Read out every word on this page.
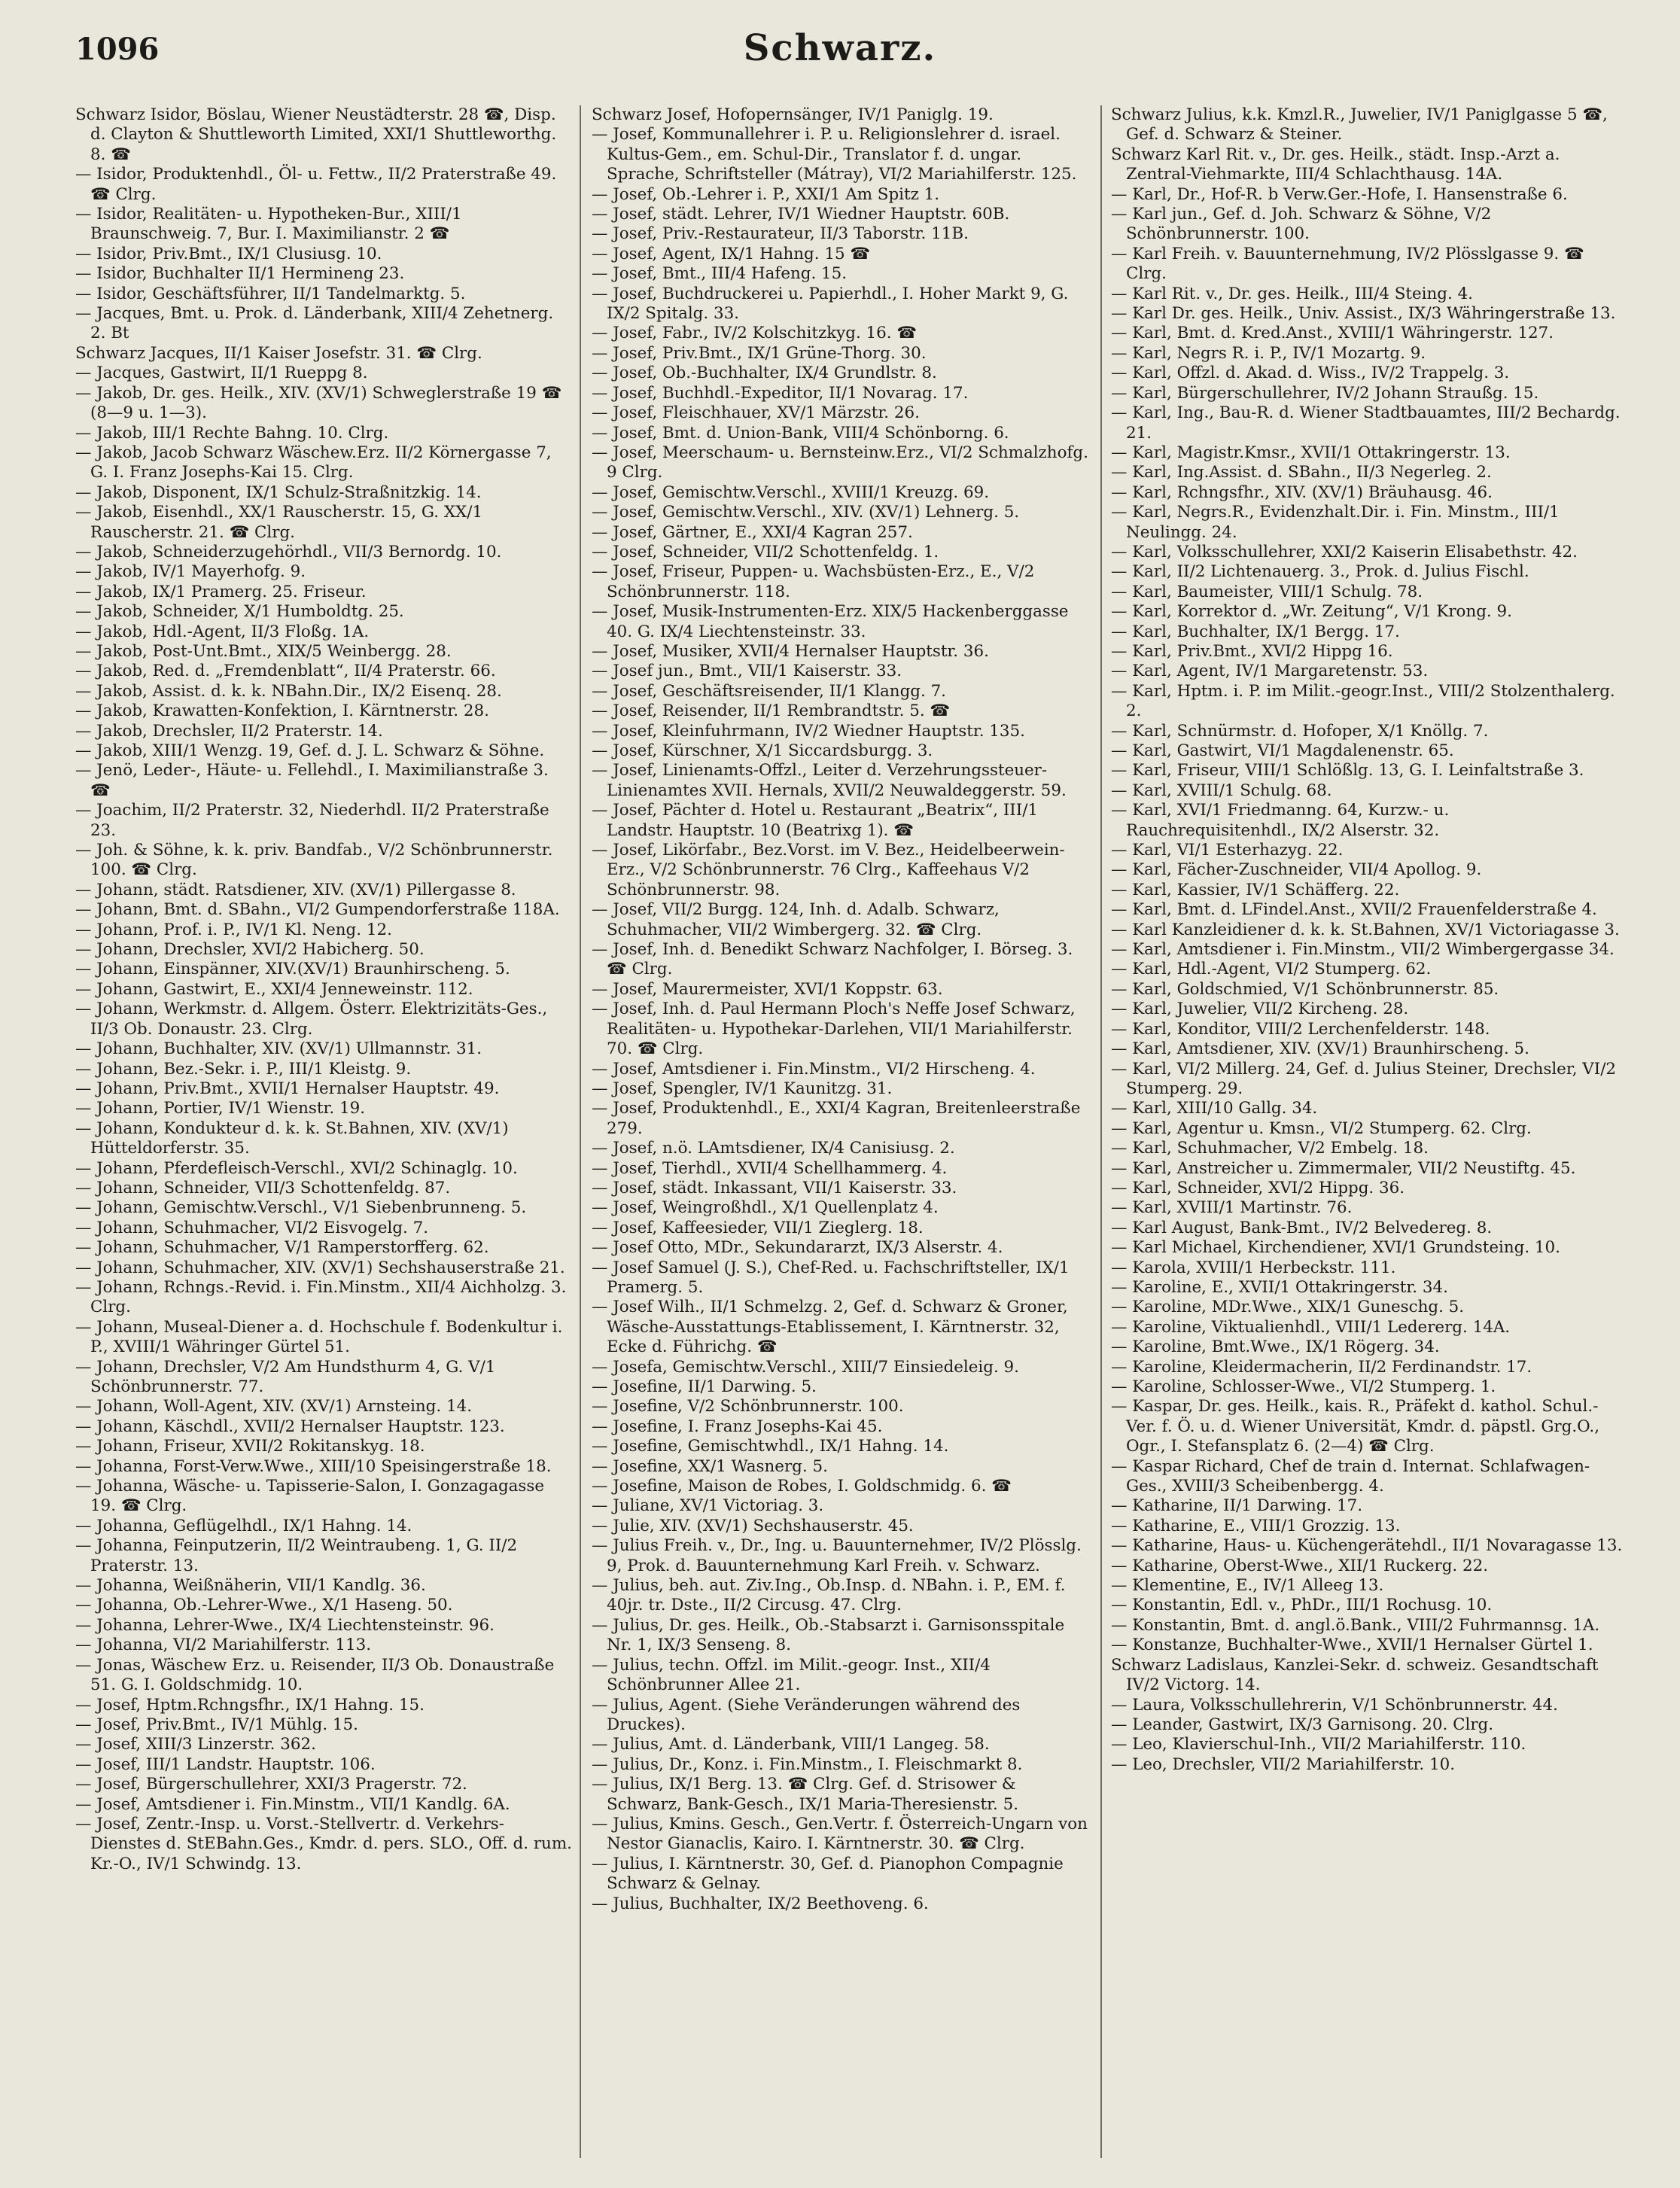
1096	Schwarz.
Schwarz Isidor, Böslau, Wiener Neustädterstr. 28 ☎, Disp. d. Clayton & Shuttleworth Limited, XXI/1 Shuttleworthg. 8. ☎
— Isidor, Produktenhdl., Öl- u. Fettw., II/2 Praterstraße 49. ☎ Clrg.
— Isidor, Realitäten- u. Hypotheken-Bur., XIII/1 Braunschweig. 7, Bur. I. Maximilianstr. 2 ☎
— Isidor, Priv.Bmt., IX/1 Clusiusg. 10.
— Isidor, Buchhalter II/1 Hermineng 23.
— Isidor, Geschäftsführer, II/1 Tandelmarktg. 5.
— Jacques, Bmt. u. Prok. d. Länderbank, XIII/4 Zehetnerg. 2. Bt
Schwarz Jacques, II/1 Kaiser Josefstr. 31. ☎ Clrg.
— Jacques, Gastwirt, II/1 Rueppg 8.
— Jakob, Dr. ges. Heilk., XIV. (XV/1) Schweglerstraße 19 ☎ (8—9 u. 1—3).
— Jakob, III/1 Rechte Bahng. 10. Clrg.
— Jakob, Jacob Schwarz Wäschew.Erz. II/2 Körnergasse 7, G. I. Franz Josephs-Kai 15. Clrg.
— Jakob, Disponent, IX/1 Schulz-Straßnitzkig. 14.
— Jakob, Eisenhdl., XX/1 Rauscherstr. 15, G. XX/1 Rauscherstr. 21. ☎ Clrg.
— Jakob, Schneiderzugehörhdl., VII/3 Bernordg. 10.
— Jakob, IV/1 Mayerhofg. 9.
— Jakob, IX/1 Pramerg. 25. Friseur.
— Jakob, Schneider, X/1 Humboldtg. 25.
— Jakob, Hdl.-Agent, II/3 Floßg. 1A.
— Jakob, Post-Unt.Bmt., XIX/5 Weinbergg. 28.
— Jakob, Red. d. „Fremdenblatt“, II/4 Praterstr. 66.
— Jakob, Assist. d. k. k. NBahn.Dir., IX/2 Eisenq. 28.
— Jakob, Krawatten-Konfektion, I. Kärntnerstr. 28.
— Jakob, Drechsler, II/2 Praterstr. 14.
— Jakob, XIII/1 Wenzg. 19, Gef. d. J. L. Schwarz & Söhne.
— Jenö, Leder-, Häute- u. Fellehdl., I. Maximilianstraße 3. ☎
— Joachim, II/2 Praterstr. 32, Niederhdl. II/2 Praterstraße 23.
— Joh. & Söhne, k. k. priv. Bandfab., V/2 Schönbrunnerstr. 100. ☎ Clrg.
— Johann, städt. Ratsdiener, XIV. (XV/1) Pillergasse 8.
— Johann, Bmt. d. SBahn., VI/2 Gumpendorferstraße 118A.
— Johann, Prof. i. P., IV/1 Kl. Neng. 12.
— Johann, Drechsler, XVI/2 Habicherg. 50.
— Johann, Einspänner, XIV.(XV/1) Braunhirscheng. 5.
— Johann, Gastwirt, E., XXI/4 Jenneweinstr. 112.
— Johann, Werkmstr. d. Allgem. Österr. Elektrizitäts-Ges., II/3 Ob. Donaustr. 23. Clrg.
— Johann, Buchhalter, XIV. (XV/1) Ullmannstr. 31.
— Johann, Bez.-Sekr. i. P., III/1 Kleistg. 9.
— Johann, Priv.Bmt., XVII/1 Hernalser Hauptstr. 49.
— Johann, Portier, IV/1 Wienstr. 19.
— Johann, Kondukteur d. k. k. St.Bahnen, XIV. (XV/1) Hütteldorferstr. 35.
— Johann, Pferdefleisch-Verschl., XVI/2 Schinaglg. 10.
— Johann, Schneider, VII/3 Schottenfeldg. 87.
— Johann, Gemischtw.Verschl., V/1 Siebenbrunneng. 5.
— Johann, Schuhmacher, VI/2 Eisvogelg. 7.
— Johann, Schuhmacher, V/1 Ramperstorfferg. 62.
— Johann, Schuhmacher, XIV. (XV/1) Sechshauserstraße 21.
— Johann, Rchngs.-Revid. i. Fin.Minstm., XII/4 Aichholzg. 3. Clrg.
— Johann, Museal-Diener a. d. Hochschule f. Bodenkultur i. P., XVIII/1 Währinger Gürtel 51.
— Johann, Drechsler, V/2 Am Hundsthurm 4, G. V/1 Schönbrunnerstr. 77.
— Johann, Woll-Agent, XIV. (XV/1) Arnsteing. 14.
— Johann, Käschdl., XVII/2 Hernalser Hauptstr. 123.
— Johann, Friseur, XVII/2 Rokitanskyg. 18.
— Johanna, Forst-Verw.Wwe., XIII/10 Speisingerstraße 18.
— Johanna, Wäsche- u. Tapisserie-Salon, I. Gonzagagasse 19. ☎ Clrg.
— Johanna, Geflügelhdl., IX/1 Hahng. 14.
— Johanna, Feinputzerin, II/2 Weintraubeng. 1, G. II/2 Praterstr. 13.
— Johanna, Weißnäherin, VII/1 Kandlg. 36.
— Johanna, Ob.-Lehrer-Wwe., X/1 Haseng. 50.
— Johanna, Lehrer-Wwe., IX/4 Liechtensteinstr. 96.
— Johanna, VI/2 Mariahilferstr. 113.
— Jonas, Wäschew Erz. u. Reisender, II/3 Ob. Donaustraße 51. G. I. Goldschmidg. 10.
— Josef, Hptm.Rchngsfhr., IX/1 Hahng. 15.
— Josef, Priv.Bmt., IV/1 Mühlg. 15.
— Josef, XIII/3 Linzerstr. 362.
— Josef, III/1 Landstr. Hauptstr. 106.
— Josef, Bürgerschullehrer, XXI/3 Pragerstr. 72.
— Josef, Amtsdiener i. Fin.Minstm., VII/1 Kandlg. 6A.
— Josef, Zentr.-Insp. u. Vorst.-Stellvertr. d. Verkehrs-Dienstes d. StEBahn.Ges., Kmdr. d. pers. SLO., Off. d. rum. Kr.-O., IV/1 Schwindg. 13.
Schwarz Josef, Hofopernsänger, IV/1 Paniglg. 19.
— Josef, Kommunallehrer i. P. u. Religionslehrer d. israel. Kultus-Gem., em. Schul-Dir., Translator f. d. ungar. Sprache, Schriftsteller (Mátray), VI/2 Mariahilferstr. 125.
— Josef, Ob.-Lehrer i. P., XXI/1 Am Spitz 1.
— Josef, städt. Lehrer, IV/1 Wiedner Hauptstr. 60B.
— Josef, Priv.-Restaurateur, II/3 Taborstr. 11B.
— Josef, Agent, IX/1 Hahng. 15 ☎
— Josef, Bmt., III/4 Hafeng. 15.
— Josef, Buchdruckerei u. Papierhdl., I. Hoher Markt 9, G. IX/2 Spitalg. 33.
— Josef, Fabr., IV/2 Kolschitzkyg. 16. ☎
— Josef, Priv.Bmt., IX/1 Grüne-Thorg. 30.
— Josef, Ob.-Buchhalter, IX/4 Grundlstr. 8.
— Josef, Buchhdl.-Expeditor, II/1 Novarag. 17.
— Josef, Fleischhauer, XV/1 Märzstr. 26.
— Josef, Bmt. d. Union-Bank, VIII/4 Schönborng. 6.
— Josef, Meerschaum- u. Bernsteinw.Erz., VI/2 Schmalzhofg. 9 Clrg.
— Josef, Gemischtw.Verschl., XVIII/1 Kreuzg. 69.
— Josef, Gemischtw.Verschl., XIV. (XV/1) Lehnerg. 5.
— Josef, Gärtner, E., XXI/4 Kagran 257.
— Josef, Schneider, VII/2 Schottenfeldg. 1.
— Josef, Friseur, Puppen- u. Wachsbüsten-Erz., E., V/2 Schönbrunnerstr. 118.
— Josef, Musik-Instrumenten-Erz. XIX/5 Hackenberggasse 40. G. IX/4 Liechtensteinstr. 33.
— Josef, Musiker, XVII/4 Hernalser Hauptstr. 36.
— Josef jun., Bmt., VII/1 Kaiserstr. 33.
— Josef, Geschäftsreisender, II/1 Klangg. 7.
— Josef, Reisender, II/1 Rembrandtstr. 5. ☎
— Josef, Kleinfuhrmann, IV/2 Wiedner Hauptstr. 135.
— Josef, Kürschner, X/1 Siccardsburgg. 3.
— Josef, Linienamts-Offzl., Leiter d. Verzehrungssteuer-Linienamtes XVII. Hernals, XVII/2 Neuwaldeggerstr. 59.
— Josef, Pächter d. Hotel u. Restaurant „Beatrix“, III/1 Landstr. Hauptstr. 10 (Beatrixg 1). ☎
— Josef, Likörfabr., Bez.Vorst. im V. Bez., Heidelbeerwein-Erz., V/2 Schönbrunnerstr. 76 Clrg., Kaffeehaus V/2 Schönbrunnerstr. 98.
— Josef, VII/2 Burgg. 124, Inh. d. Adalb. Schwarz, Schuhmacher, VII/2 Wimbergerg. 32. ☎ Clrg.
— Josef, Inh. d. Benedikt Schwarz Nachfolger, I. Börseg. 3. ☎ Clrg.
— Josef, Maurermeister, XVI/1 Koppstr. 63.
— Josef, Inh. d. Paul Hermann Ploch's Neffe Josef Schwarz, Realitäten- u. Hypothekar-Darlehen, VII/1 Mariahilferstr. 70. ☎ Clrg.
— Josef, Amtsdiener i. Fin.Minstm., VI/2 Hirscheng. 4.
— Josef, Spengler, IV/1 Kaunitzg. 31.
— Josef, Produktenhdl., E., XXI/4 Kagran, Breitenleerstraße 279.
— Josef, n.ö. LAmtsdiener, IX/4 Canisiusg. 2.
— Josef, Tierhdl., XVII/4 Schellhammerg. 4.
— Josef, städt. Inkassant, VII/1 Kaiserstr. 33.
— Josef, Weingroßhdl., X/1 Quellenplatz 4.
— Josef, Kaffeesieder, VII/1 Zieglerg. 18.
— Josef Otto, MDr., Sekundararzt, IX/3 Alserstr. 4.
— Josef Samuel (J. S.), Chef-Red. u. Fachschriftsteller, IX/1 Pramerg. 5.
— Josef Wilh., II/1 Schmelzg. 2, Gef. d. Schwarz & Groner, Wäsche-Ausstattungs-Etablissement, I. Kärntnerstr. 32, Ecke d. Führichg. ☎
— Josefa, Gemischtw.Verschl., XIII/7 Einsiedeleig. 9.
— Josefine, II/1 Darwing. 5.
— Josefine, V/2 Schönbrunnerstr. 100.
— Josefine, I. Franz Josephs-Kai 45.
— Josefine, Gemischtwhdl., IX/1 Hahng. 14.
— Josefine, XX/1 Wasnerg. 5.
— Josefine, Maison de Robes, I. Goldschmidg. 6. ☎
— Juliane, XV/1 Victoriag. 3.
— Julie, XIV. (XV/1) Sechshauserstr. 45.
— Julius Freih. v., Dr., Ing. u. Bauunternehmer, IV/2 Plösslg. 9, Prok. d. Bauunternehmung Karl Freih. v. Schwarz.
— Julius, beh. aut. Ziv.Ing., Ob.Insp. d. NBahn. i. P., EM. f. 40jr. tr. Dste., II/2 Circusg. 47. Clrg.
— Julius, Dr. ges. Heilk., Ob.-Stabsarzt i. Garnisonsspitale Nr. 1, IX/3 Senseng. 8.
— Julius, techn. Offzl. im Milit.-geogr. Inst., XII/4 Schönbrunner Allee 21.
— Julius, Agent. (Siehe Veränderungen während des Druckes).
— Julius, Amt. d. Länderbank, VIII/1 Langeg. 58.
— Julius, Dr., Konz. i. Fin.Minstm., I. Fleischmarkt 8.
— Julius, IX/1 Berg. 13. ☎ Clrg. Gef. d. Strisower & Schwarz, Bank-Gesch., IX/1 Maria-Theresienstr. 5.
— Julius, Kmins. Gesch., Gen.Vertr. f. Österreich-Ungarn von Nestor Gianaclis, Kairo. I. Kärntnerstr. 30. ☎ Clrg.
— Julius, I. Kärntnerstr. 30, Gef. d. Pianophon Compagnie Schwarz & Gelnay.
— Julius, Buchhalter, IX/2 Beethoveng. 6.
Schwarz Julius, k.k. Kmzl.R., Juwelier, IV/1 Paniglgasse 5 ☎, Gef. d. Schwarz & Steiner.
Schwarz Karl Rit. v., Dr. ges. Heilk., städt. Insp.-Arzt a. Zentral-Viehmarkte, III/4 Schlachthausg. 14A.
— Karl, Dr., Hof-R. b Verw.Ger.-Hofe, I. Hansenstraße 6.
— Karl jun., Gef. d. Joh. Schwarz & Söhne, V/2 Schönbrunnerstr. 100.
— Karl Freih. v. Bauunternehmung, IV/2 Plösslgasse 9. ☎ Clrg.
— Karl Rit. v., Dr. ges. Heilk., III/4 Steing. 4.
— Karl Dr. ges. Heilk., Univ. Assist., IX/3 Währingerstraße 13.
— Karl, Bmt. d. Kred.Anst., XVIII/1 Währingerstr. 127.
— Karl, Negrs R. i. P., IV/1 Mozartg. 9.
— Karl, Offzl. d. Akad. d. Wiss., IV/2 Trappelg. 3.
— Karl, Bürgerschullehrer, IV/2 Johann Straußg. 15.
— Karl, Ing., Bau-R. d. Wiener Stadtbauamtes, III/2 Bechardg. 21.
— Karl, Magistr.Kmsr., XVII/1 Ottakringerstr. 13.
— Karl, Ing.Assist. d. SBahn., II/3 Negerleg. 2.
— Karl, Rchngsfhr., XIV. (XV/1) Bräuhausg. 46.
— Karl, Negrs.R., Evidenzhalt.Dir. i. Fin. Minstm., III/1 Neulingg. 24.
— Karl, Volksschullehrer, XXI/2 Kaiserin Elisabethstr. 42.
— Karl, II/2 Lichtenauerg. 3., Prok. d. Julius Fischl.
— Karl, Baumeister, VIII/1 Schulg. 78.
— Karl, Korrektor d. „Wr. Zeitung“, V/1 Krong. 9.
— Karl, Buchhalter, IX/1 Bergg. 17.
— Karl, Priv.Bmt., XVI/2 Hippg 16.
— Karl, Agent, IV/1 Margaretenstr. 53.
— Karl, Hptm. i. P. im Milit.-geogr.Inst., VIII/2 Stolzenthalerg. 2.
— Karl, Schnürmstr. d. Hofoper, X/1 Knöllg. 7.
— Karl, Gastwirt, VI/1 Magdalenenstr. 65.
— Karl, Friseur, VIII/1 Schlößlg. 13, G. I. Leinfaltstraße 3.
— Karl, XVIII/1 Schulg. 68.
— Karl, XVI/1 Friedmanng. 64, Kurzw.- u. Rauchrequisitenhdl., IX/2 Alserstr. 32.
— Karl, VI/1 Esterhazyg. 22.
— Karl, Fächer-Zuschneider, VII/4 Apollog. 9.
— Karl, Kassier, IV/1 Schäfferg. 22.
— Karl, Bmt. d. LFindel.Anst., XVII/2 Frauenfelderstraße 4.
— Karl Kanzleidiener d. k. k. St.Bahnen, XV/1 Victoriagasse 3.
— Karl, Amtsdiener i. Fin.Minstm., VII/2 Wimbergergasse 34.
— Karl, Hdl.-Agent, VI/2 Stumperg. 62.
— Karl, Goldschmied, V/1 Schönbrunnerstr. 85.
— Karl, Juwelier, VII/2 Kircheng. 28.
— Karl, Konditor, VIII/2 Lerchenfelderstr. 148.
— Karl, Amtsdiener, XIV. (XV/1) Braunhirscheng. 5.
— Karl, VI/2 Millerg. 24, Gef. d. Julius Steiner, Drechsler, VI/2 Stumperg. 29.
— Karl, XIII/10 Gallg. 34.
— Karl, Agentur u. Kmsn., VI/2 Stumperg. 62. Clrg.
— Karl, Schuhmacher, V/2 Embelg. 18.
— Karl, Anstreicher u. Zimmermaler, VII/2 Neustiftg. 45.
— Karl, Schneider, XVI/2 Hippg. 36.
— Karl, XVIII/1 Martinstr. 76.
— Karl August, Bank-Bmt., IV/2 Belvedereg. 8.
— Karl Michael, Kirchendiener, XVI/1 Grundsteing. 10.
— Karola, XVIII/1 Herbeckstr. 111.
— Karoline, E., XVII/1 Ottakringerstr. 34.
— Karoline, MDr.Wwe., XIX/1 Guneschg. 5.
— Karoline, Viktualienhdl., VIII/1 Ledererg. 14A.
— Karoline, Bmt.Wwe., IX/1 Rögerg. 34.
— Karoline, Kleidermacherin, II/2 Ferdinandstr. 17.
— Karoline, Schlosser-Wwe., VI/2 Stumperg. 1.
— Kaspar, Dr. ges. Heilk., kais. R., Präfekt d. kathol. Schul.-Ver. f. Ö. u. d. Wiener Universität, Kmdr. d. päpstl. Grg.O., Ogr., I. Stefansplatz 6. (2—4) ☎ Clrg.
— Kaspar Richard, Chef de train d. Internat. Schlafwagen-Ges., XVIII/3 Scheibenbergg. 4.
— Katharine, II/1 Darwing. 17.
— Katharine, E., VIII/1 Grozzig. 13.
— Katharine, Haus- u. Küchengerätehdl., II/1 Novaragasse 13.
— Katharine, Oberst-Wwe., XII/1 Ruckerg. 22.
— Klementine, E., IV/1 Alleeg 13.
— Konstantin, Edl. v., PhDr., III/1 Rochusg. 10.
— Konstantin, Bmt. d. angl.ö.Bank., VIII/2 Fuhrmannsg. 1A.
— Konstanze, Buchhalter-Wwe., XVII/1 Hernalser Gürtel 1.
Schwarz Ladislaus, Kanzlei-Sekr. d. schweiz. Gesandtschaft IV/2 Victorg. 14.
— Laura, Volksschullehrerin, V/1 Schönbrunnerstr. 44.
— Leander, Gastwirt, IX/3 Garnisong. 20. Clrg.
— Leo, Klavierschul-Inh., VII/2 Mariahilferstr. 110.
— Leo, Drechsler, VII/2 Mariahilferstr. 10.
